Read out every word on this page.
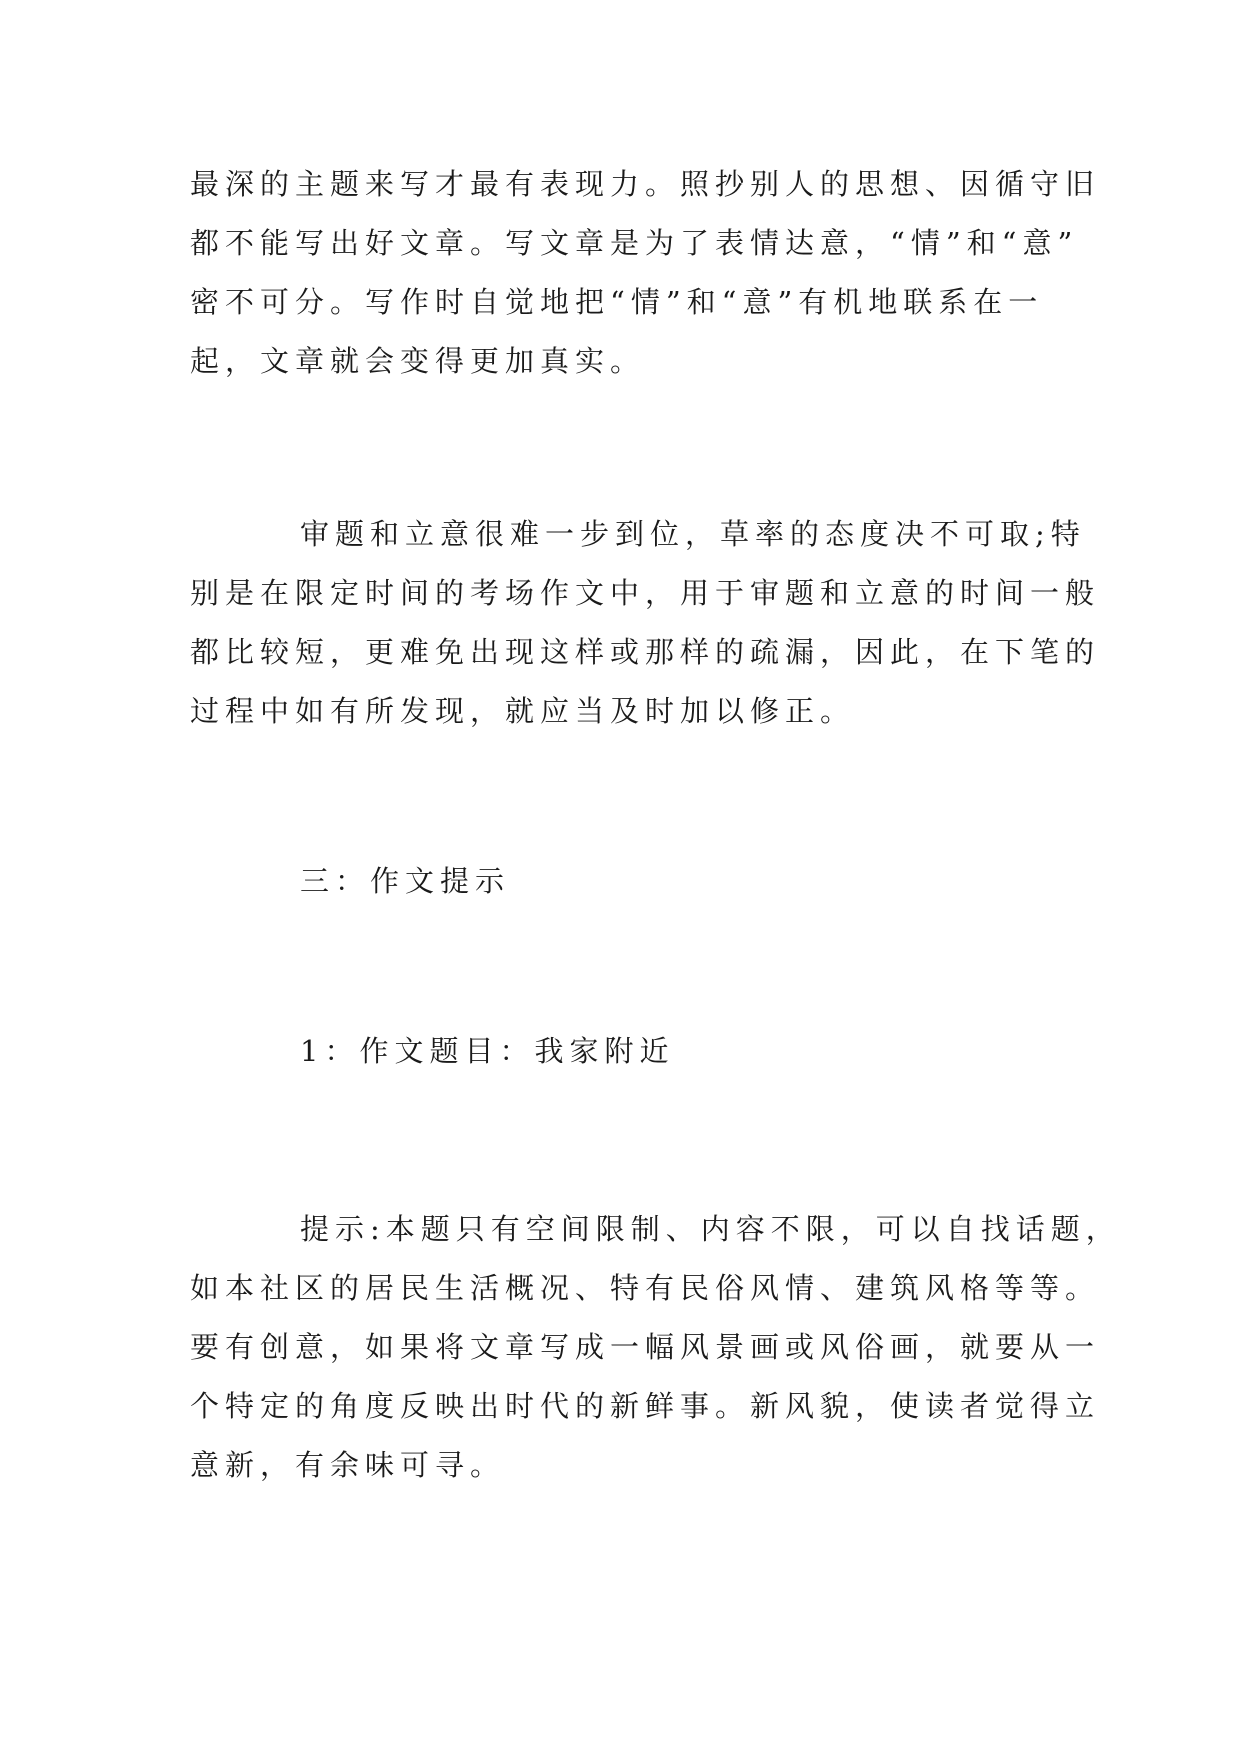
最深的主题来写才最有表现力。照抄别人的思想、因循守旧
都不能写出好文章。写文章是为了表情达意，“情”和“意”
密不可分。写作时自觉地把“情”和“意”有机地联系在一
起，文章就会变得更加真实。

审题和立意很难一步到位，草率的态度决不可取;特
别是在限定时间的考场作文中，用于审题和立意的时间一般
都比较短，更难免出现这样或那样的疏漏，因此，在下笔的
过程中如有所发现，就应当及时加以修正。

三：作文提示

1：作文题目：我家附近

提示:本题只有空间限制、内容不限，可以自找话题，
如本社区的居民生活概况、特有民俗风情、建筑风格等等。
要有创意，如果将文章写成一幅风景画或风俗画，就要从一
个特定的角度反映出时代的新鲜事。新风貌，使读者觉得立
意新，有余味可寻。
